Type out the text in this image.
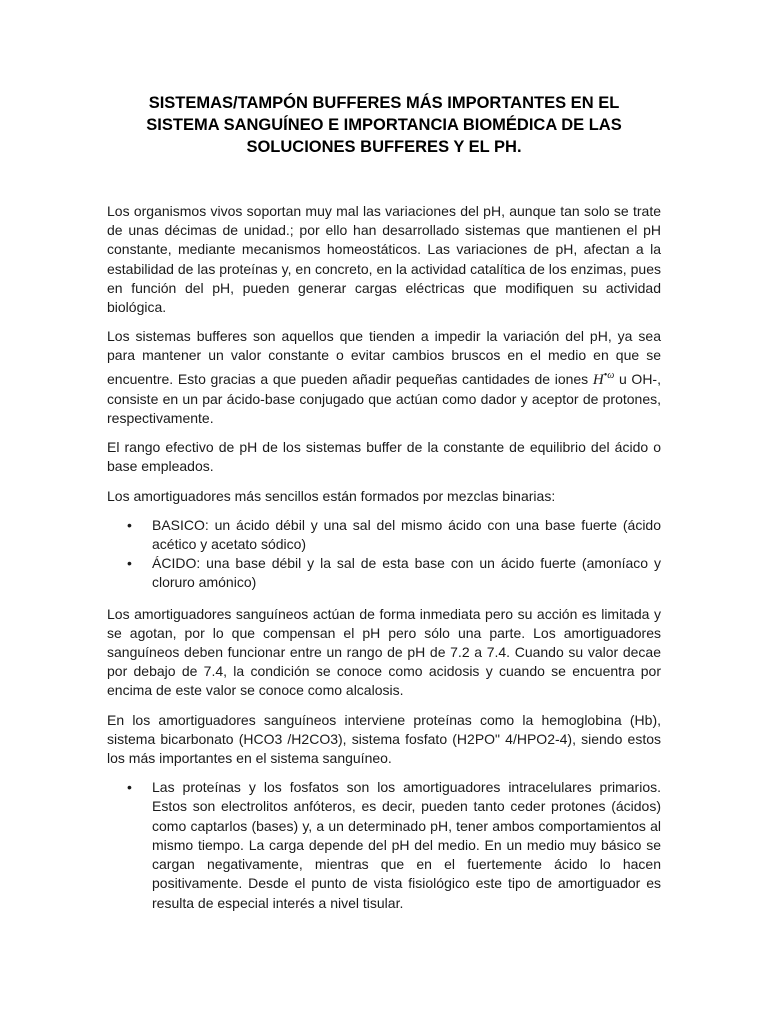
SISTEMAS/TAMPÓN BUFFERES MÁS IMPORTANTES EN EL
SISTEMA SANGUÍNEO E IMPORTANCIA BIOMÉDICA DE LAS
SOLUCIONES BUFFERES Y EL PH.

Los organismos vivos soportan muy mal las variaciones del pH, aunque tan solo se trate de unas décimas de unidad.; por ello han desarrollado sistemas que mantienen el pH constante, mediante mecanismos homeostáticos. Las variaciones de pH, afectan a la estabilidad de las proteínas y, en concreto, en la actividad catalítica de los enzimas, pues en función del pH, pueden generar cargas eléctricas que modifiquen su actividad biológica.

Los sistemas bufferes son aquellos que tienden a impedir la variación del pH, ya sea para mantener un valor constante o evitar cambios bruscos en el medio en que se encuentre. Esto gracias a que pueden añadir pequeñas cantidades de iones $H^{•\omega}$ u OH-, consiste en un par ácido-base conjugado que actúan como dador y aceptor de protones, respectivamente.

El rango efectivo de pH de los sistemas buffer de la constante de equilibrio del ácido o base empleados.

Los amortiguadores más sencillos están formados por mezclas binarias:

•	BASICO: un ácido débil y una sal del mismo ácido con una base fuerte (ácido acético y acetato sódico)
•	ÁCIDO: una base débil y la sal de esta base con un ácido fuerte (amoníaco y cloruro amónico)

Los amortiguadores sanguíneos actúan de forma inmediata pero su acción es limitada y se agotan, por lo que compensan el pH pero sólo una parte. Los amortiguadores sanguíneos deben funcionar entre un rango de pH de 7.2 a 7.4. Cuando su valor decae por debajo de 7.4, la condición se conoce como acidosis y cuando se encuentra por encima de este valor se conoce como alcalosis.

En los amortiguadores sanguíneos interviene proteínas como la hemoglobina (Hb), sistema bicarbonato (HCO3 /H2CO3), sistema fosfato (H2PO" 4/HPO2-4), siendo estos los más importantes en el sistema sanguíneo.

•	Las proteínas y los fosfatos son los amortiguadores intracelulares primarios. Estos son electrolitos anfóteros, es decir, pueden tanto ceder protones (ácidos) como captarlos (bases) y, a un determinado pH, tener ambos comportamientos al mismo tiempo. La carga depende del pH del medio. En un medio muy básico se cargan negativamente, mientras que en el fuertemente ácido lo hacen positivamente. Desde el punto de vista fisiológico este tipo de amortiguador es resulta de especial interés a nivel tisular.
